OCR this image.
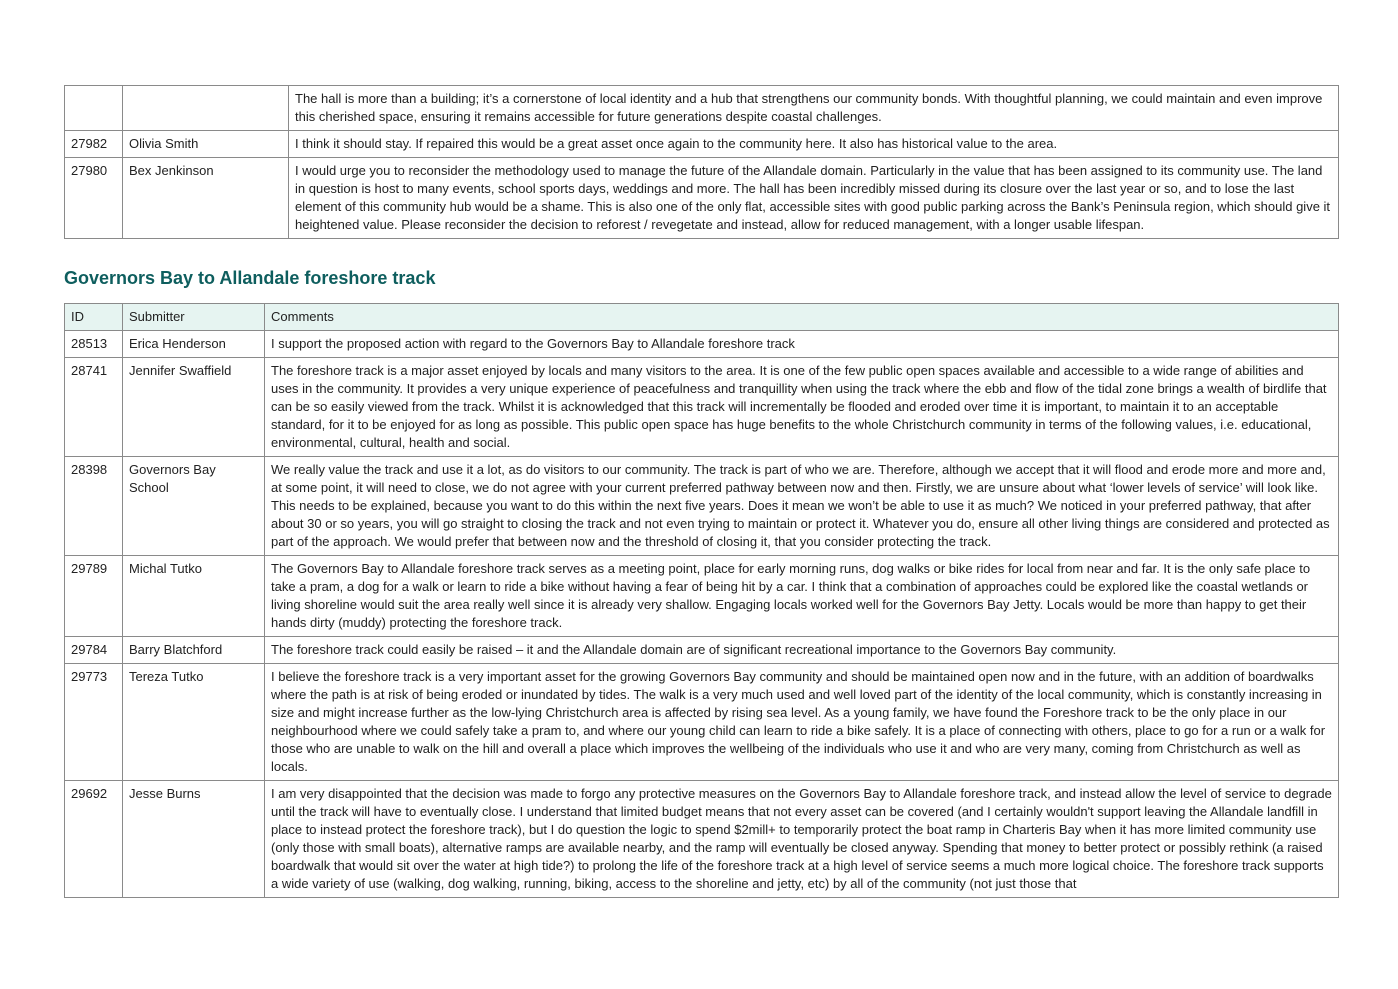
		The hall is more than a building; it’s a cornerstone of local identity and a hub that strengthens our community bonds. With thoughtful planning, we could maintain and even improve this cherished space, ensuring it remains accessible for future generations despite coastal challenges.
27982	Olivia Smith	I think it should stay. If repaired this would be a great asset once again to the community here. It also has historical value to the area.
27980	Bex Jenkinson	I would urge you to reconsider the methodology used to manage the future of the Allandale domain. Particularly in the value that has been assigned to its community use. The land in question is host to many events, school sports days, weddings and more. The hall has been incredibly missed during its closure over the last year or so, and to lose the last element of this community hub would be a shame. This is also one of the only flat, accessible sites with good public parking across the Bank’s Peninsula region, which should give it heightened value. Please reconsider the decision to reforest / revegetate and instead, allow for reduced management, with a longer usable lifespan.
Governors Bay to Allandale foreshore track
ID	Submitter	Comments
28513	Erica Henderson	I support the proposed action with regard to the Governors Bay to Allandale foreshore track
28741	Jennifer Swaffield	The foreshore track is a major asset enjoyed by locals and many visitors to the area. It is one of the few public open spaces available and accessible to a wide range of abilities and uses in the community. It provides a very unique experience of peacefulness and tranquillity when using the track where the ebb and flow of the tidal zone brings a wealth of birdlife that can be so easily viewed from the track. Whilst it is acknowledged that this track will incrementally be flooded and eroded over time it is important, to maintain it to an acceptable standard, for it to be enjoyed for as long as possible. This public open space has huge benefits to the whole Christchurch community in terms of the following values, i.e. educational, environmental, cultural, health and social.
28398	Governors Bay School	We really value the track and use it a lot, as do visitors to our community. The track is part of who we are. Therefore, although we accept that it will flood and erode more and more and, at some point, it will need to close, we do not agree with your current preferred pathway between now and then. Firstly, we are unsure about what ‘lower levels of service’ will look like. This needs to be explained, because you want to do this within the next five years. Does it mean we won’t be able to use it as much? We noticed in your preferred pathway, that after about 30 or so years, you will go straight to closing the track and not even trying to maintain or protect it. Whatever you do, ensure all other living things are considered and protected as part of the approach. We would prefer that between now and the threshold of closing it, that you consider protecting the track.
29789	Michal Tutko	The Governors Bay to Allandale foreshore track serves as a meeting point, place for early morning runs, dog walks or bike rides for local from near and far. It is the only safe place to take a pram, a dog for a walk or learn to ride a bike without having a fear of being hit by a car. I think that a combination of approaches could be explored like the coastal wetlands or living shoreline would suit the area really well since it is already very shallow. Engaging locals worked well for the Governors Bay Jetty. Locals would be more than happy to get their hands dirty (muddy) protecting the foreshore track.
29784	Barry Blatchford	The foreshore track could easily be raised – it and the Allandale domain are of significant recreational importance to the Governors Bay community.
29773	Tereza Tutko	I believe the foreshore track is a very important asset for the growing Governors Bay community and should be maintained open now and in the future, with an addition of boardwalks where the path is at risk of being eroded or inundated by tides. The walk is a very much used and well loved part of the identity of the local community, which is constantly increasing in size and might increase further as the low-lying Christchurch area is affected by rising sea level. As a young family, we have found the Foreshore track to be the only place in our neighbourhood where we could safely take a pram to, and where our young child can learn to ride a bike safely. It is a place of connecting with others, place to go for a run or a walk for those who are unable to walk on the hill and overall a place which improves the wellbeing of the individuals who use it and who are very many, coming from Christchurch as well as locals.
29692	Jesse Burns	I am very disappointed that the decision was made to forgo any protective measures on the Governors Bay to Allandale foreshore track, and instead allow the level of service to degrade until the track will have to eventually close. I understand that limited budget means that not every asset can be covered (and I certainly wouldn't support leaving the Allandale landfill in place to instead protect the foreshore track), but I do question the logic to spend $2mill+ to temporarily protect the boat ramp in Charteris Bay when it has more limited community use (only those with small boats), alternative ramps are available nearby, and the ramp will eventually be closed anyway. Spending that money to better protect or possibly rethink (a raised boardwalk that would sit over the water at high tide?) to prolong the life of the foreshore track at a high level of service seems a much more logical choice. The foreshore track supports a wide variety of use (walking, dog walking, running, biking, access to the shoreline and jetty, etc) by all of the community (not just those that
